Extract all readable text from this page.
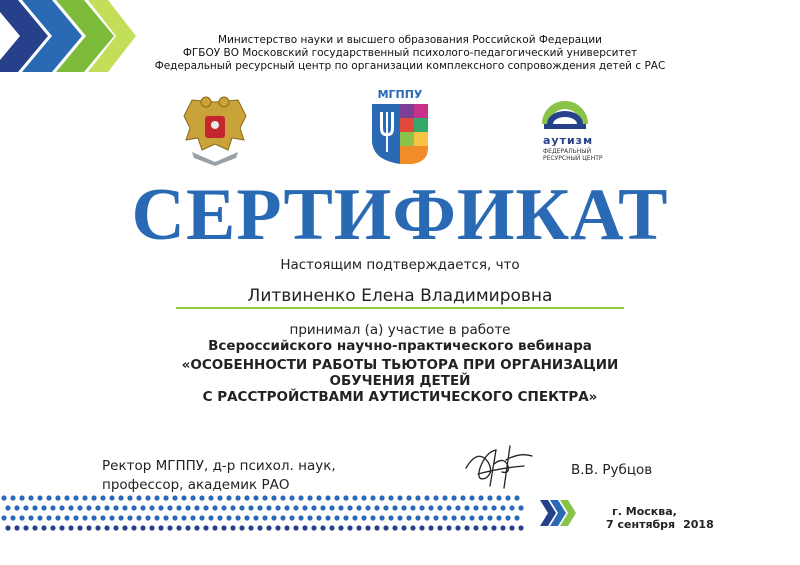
Министерство науки и высшего образования Российской Федерации
ФГБОУ ВО Московский государственный психолого-педагогический университет
Федеральный ресурсный центр по организации комплексного сопровождения детей с РАС
МГППУ
аутизм
ФЕДЕРАЛЬНЫЙ
РЕСУРСНЫЙ ЦЕНТР
СЕРТИФИКАТ
Настоящим подтверждается, что
Литвиненко Елена Владимировна
принимал (а) участие в работе
Всероссийского научно-практического вебинара
«ОСОБЕННОСТИ РАБОТЫ ТЬЮТОРА ПРИ ОРГАНИЗАЦИИ
ОБУЧЕНИЯ ДЕТЕЙ
С РАССТРОЙСТВАМИ АУТИСТИЧЕСКОГО СПЕКТРА»
Ректор МГППУ, д-р психол. наук,
профессор, академик РАО
В.В. Рубцов
г. Москва,
7 сентября 2018
